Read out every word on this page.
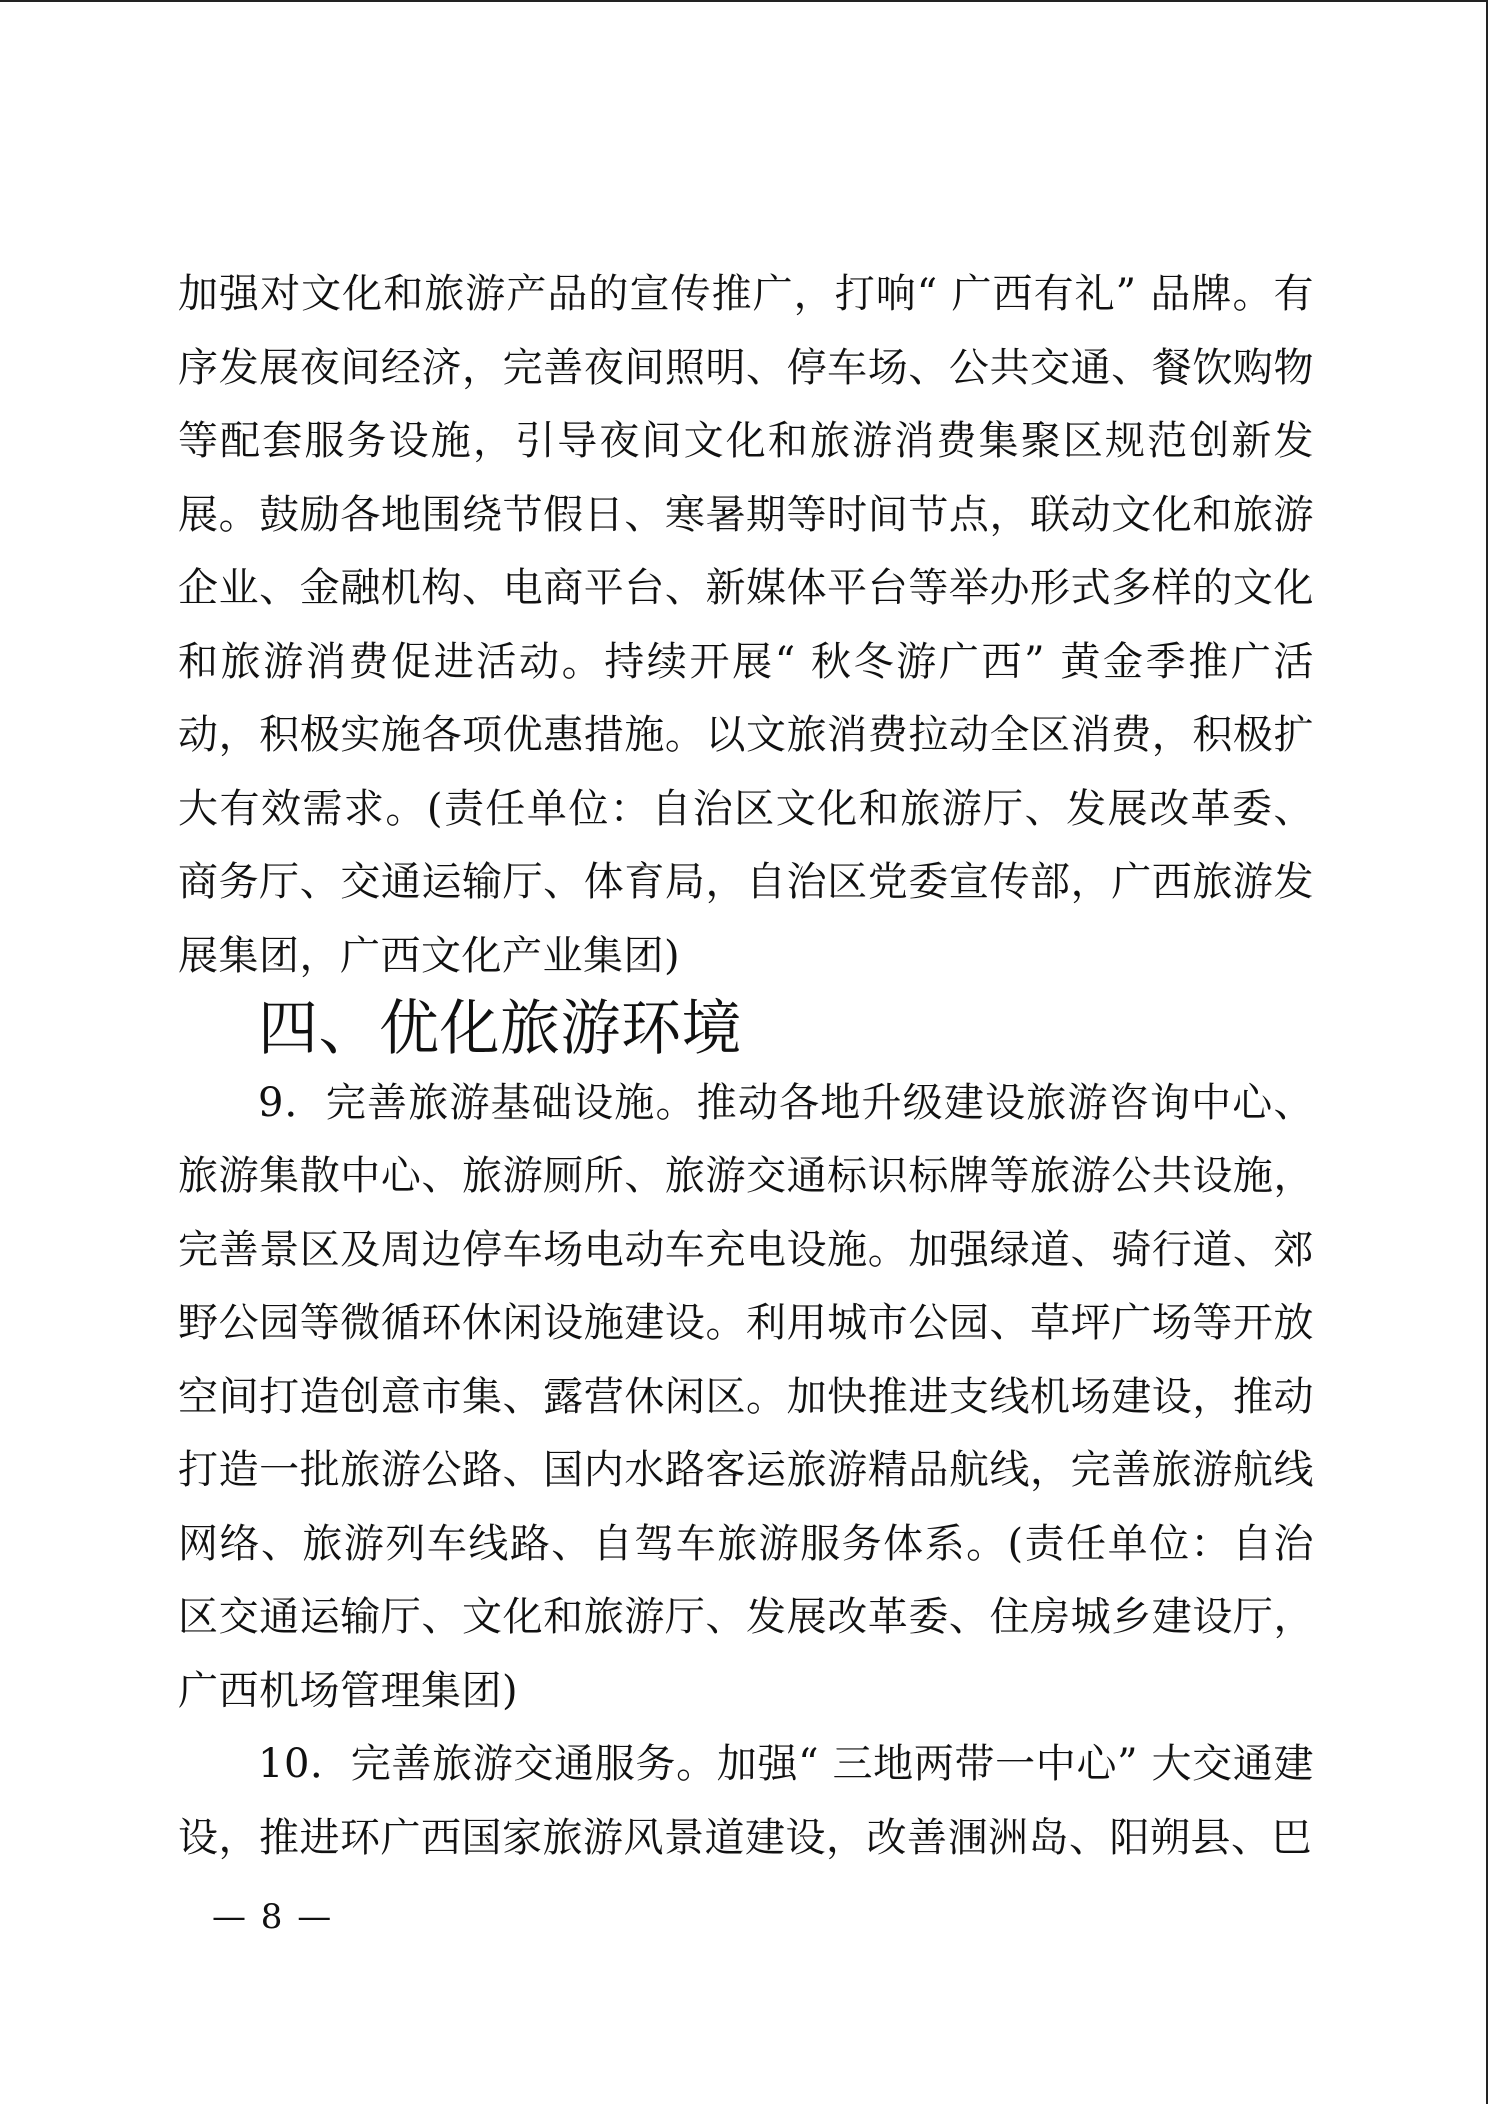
加强对文化和旅游产品的宣传推广，打响“ 广西有礼” 品牌。有序发展夜间经济，完善夜间照明、停车场、公共交通、餐饮购物等配套服务设施，引导夜间文化和旅游消费集聚区规范创新发展。鼓励各地围绕节假日、寒暑期等时间节点，联动文化和旅游企业、金融机构、电商平台、新媒体平台等举办形式多样的文化和旅游消费促进活动。持续开展“ 秋冬游广西” 黄金季推广活动，积极实施各项优惠措施。以文旅消费拉动全区消费，积极扩大有效需求。(责任单位：自治区文化和旅游厅、发展改革委、商务厅、交通运输厅、体育局，自治区党委宣传部，广西旅游发展集团，广西文化产业集团)

四、优化旅游环境

9．完善旅游基础设施。推动各地升级建设旅游咨询中心、旅游集散中心、旅游厕所、旅游交通标识标牌等旅游公共设施，完善景区及周边停车场电动车充电设施。加强绿道、骑行道、郊野公园等微循环休闲设施建设。利用城市公园、草坪广场等开放空间打造创意市集、露营休闲区。加快推进支线机场建设，推动打造一批旅游公路、国内水路客运旅游精品航线，完善旅游航线网络、旅游列车线路、自驾车旅游服务体系。(责任单位：自治区交通运输厅、文化和旅游厅、发展改革委、住房城乡建设厅，广西机场管理集团)

10．完善旅游交通服务。加强“ 三地两带一中心” 大交通建设，推进环广西国家旅游风景道建设，改善涠洲岛、阳朔县、巴

— 8 —
